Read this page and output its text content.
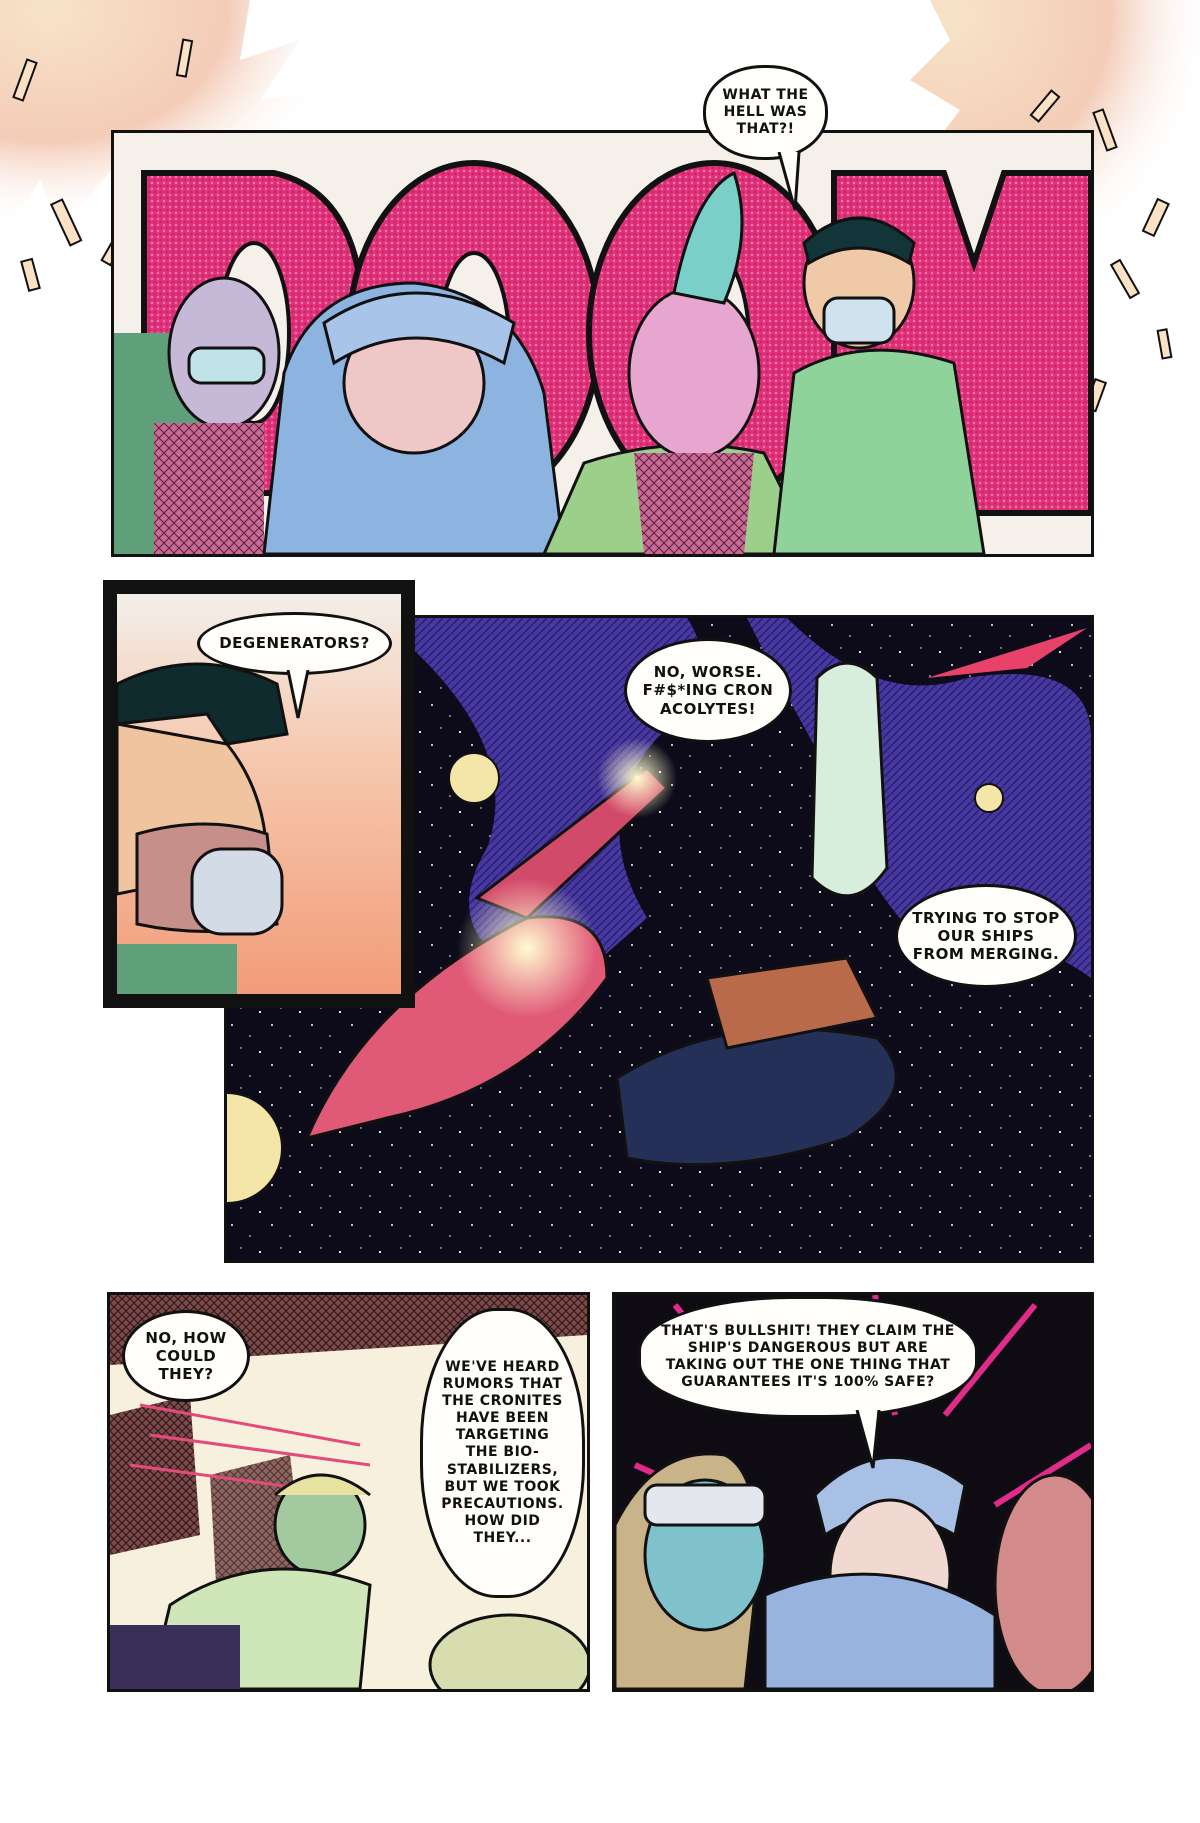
WHAT THE HELL WAS THAT?!
DEGENERATORS?
NO, WORSE. F#$*ING CRON ACOLYTES!
TRYING TO STOP OUR SHIPS FROM MERGING.
NO, HOW COULD THEY?	WE'VE HEARD RUMORS THAT THE CRONITES HAVE BEEN TARGETING THE BIO-STABILIZERS, BUT WE TOOK PRECAUTIONS. HOW DID THEY...
THAT'S BULLSHIT! THEY CLAIM THE SHIP'S DANGEROUS BUT ARE TAKING OUT THE ONE THING THAT GUARANTEES IT'S 100% SAFE?
